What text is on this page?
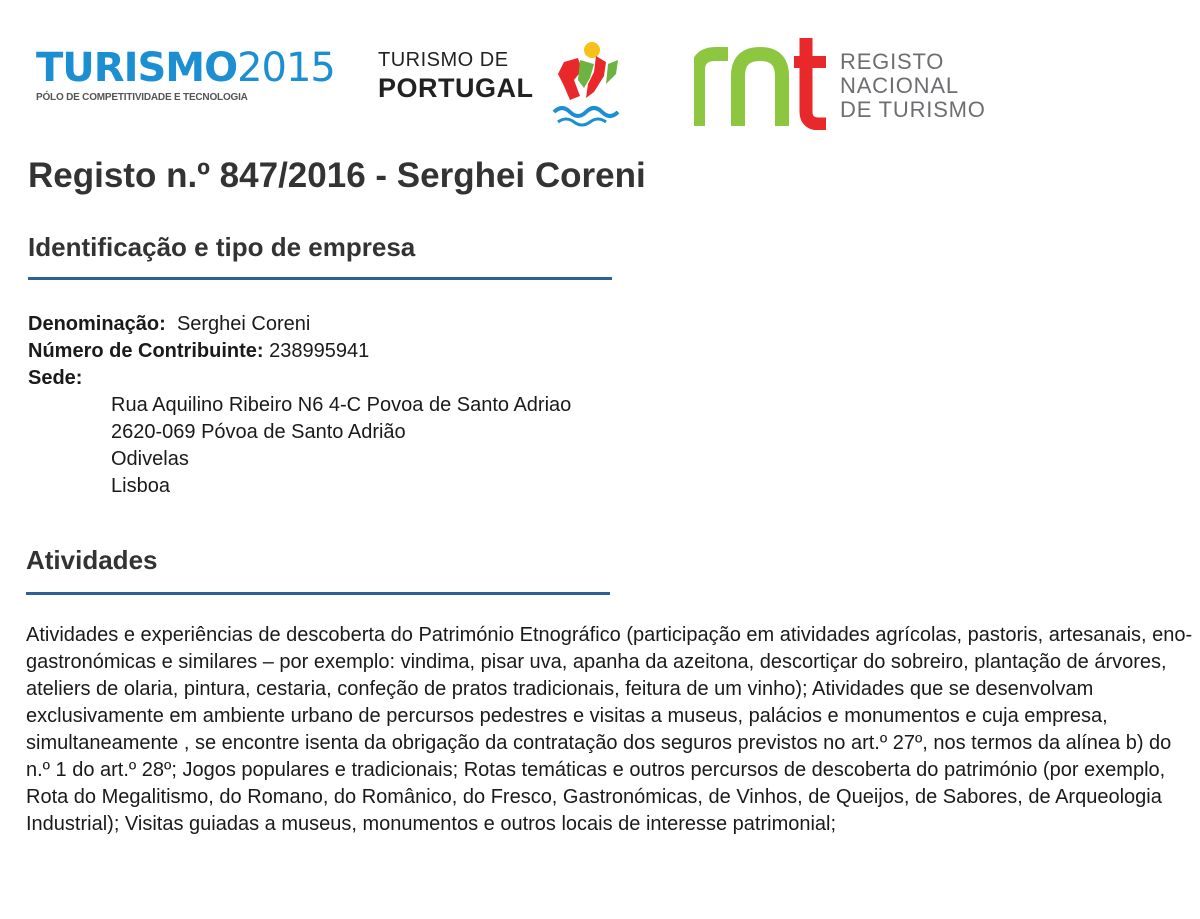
TURISMO2015
PÓLO DE COMPETITIVIDADE E TECNOLOGIA
TURISMO DE
PORTUGAL
REGISTO
NACIONAL
DE TURISMO
Registo n.º 847/2016 - Serghei Coreni
Identificação e tipo de empresa
Denominação: Serghei Coreni
Número de Contribuinte: 238995941
Sede:
Rua Aquilino Ribeiro N6 4-C Povoa de Santo Adriao
2620-069 Póvoa de Santo Adrião
Odivelas
Lisboa
Atividades

Atividades e experiências de descoberta do Património Etnográfico (participação em atividades agrícolas, pastoris, artesanais, eno-gastronómicas e similares – por exemplo: vindima, pisar uva, apanha da azeitona, descortiçar do sobreiro, plantação de árvores, ateliers de olaria, pintura, cestaria, confeção de pratos tradicionais, feitura de um vinho); Atividades que se desenvolvam exclusivamente em ambiente urbano de percursos pedestres e visitas a museus, palácios e monumentos e cuja empresa, simultaneamente , se encontre isenta da obrigação da contratação dos seguros previstos no art.º 27º, nos termos da alínea b) do n.º 1 do art.º 28º; Jogos populares e tradicionais; Rotas temáticas e outros percursos de descoberta do património (por exemplo, Rota do Megalitismo, do Romano, do Românico, do Fresco, Gastronómicas, de Vinhos, de Queijos, de Sabores, de Arqueologia Industrial); Visitas guiadas a museus, monumentos e outros locais de interesse patrimonial;
